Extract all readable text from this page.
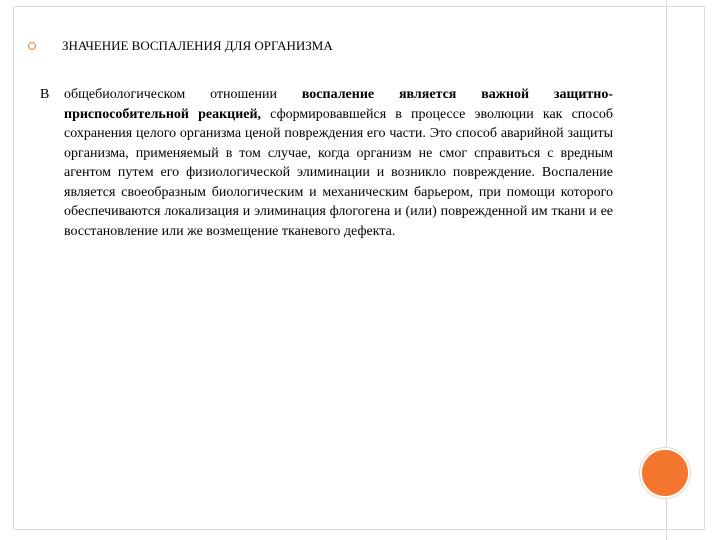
ЗНАЧЕНИЕ ВОСПАЛЕНИЯ ДЛЯ ОРГАНИЗМА
В общебиологическом отношении воспаление является важной защитно-приспособительной реакцией, сформировавшейся в процессе эволюции как способ сохранения целого организма ценой повреждения его части. Это способ аварийной защиты организма, применяемый в том случае, когда организм не смог справиться с вредным агентом путем его физиологической элиминации и возникло повреждение. Воспаление является своеобразным биологическим и механическим барьером, при помощи которого обеспечиваются локализация и элиминация флогогена и (или) поврежденной им ткани и ее восстановление или же возмещение тканевого дефекта.
